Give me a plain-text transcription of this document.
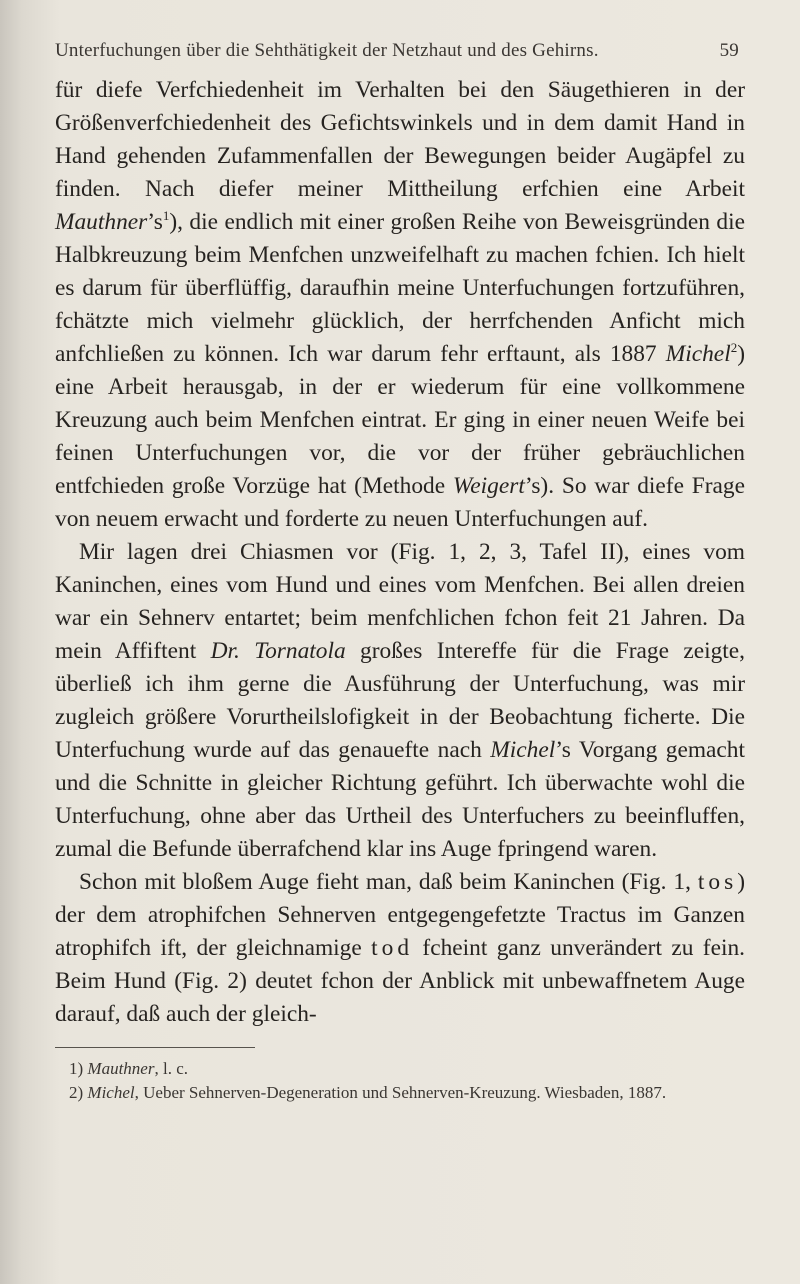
Unterfuchungen über die Sehthätigkeit der Netzhaut und des Gehirns.	59

für diefe Verfchiedenheit im Verhalten bei den Säugethieren in der Größenverfchiedenheit des Gefichtswinkels und in dem damit Hand in Hand gehenden Zufammenfallen der Bewegungen beider Augäpfel zu finden. Nach diefer meiner Mittheilung erfchien eine Arbeit $Mauthner’s^1$), die endlich mit einer großen Reihe von Beweisgründen die Halbkreuzung beim Menfchen unzweifelhaft zu machen fchien. Ich hielt es darum für überflüffig, daraufhin meine Unterfuchungen fortzuführen, fchätzte mich vielmehr glücklich, der herrfchenden Anficht mich anfchließen zu können. Ich war darum fehr erftaunt, als 1887 Michel$^2$) eine Arbeit herausgab, in der er wiederum für eine vollkommene Kreuzung auch beim Menfchen eintrat. Er ging in einer neuen Weife bei feinen Unterfuchungen vor, die vor der früher gebräuchlichen entfchieden große Vorzüge hat (Methode Weigert’s). So war diefe Frage von neuem erwacht und forderte zu neuen Unterfuchungen auf.

Mir lagen drei Chiasmen vor (Fig. 1, 2, 3, Tafel II), eines vom Kaninchen, eines vom Hund und eines vom Menfchen. Bei allen dreien war ein Sehnerv entartet; beim menfchlichen fchon feit 21 Jahren. Da mein Affiftent Dr. Tornatola großes Intereffe für die Frage zeigte, überließ ich ihm gerne die Ausführung der Unterfuchung, was mir zugleich größere Vorurtheilslofigkeit in der Beobachtung ficherte. Die Unterfuchung wurde auf das genauefte nach Michel’s Vorgang gemacht und die Schnitte in gleicher Richtung geführt. Ich überwachte wohl die Unterfuchung, ohne aber das Urtheil des Unterfuchers zu beeinfluffen, zumal die Befunde überrafchend klar ins Auge fpringend waren.

Schon mit bloßem Auge fieht man, daß beim Kaninchen (Fig. 1, tos) der dem atrophifchen Sehnerven entgegengefetzte Tractus im Ganzen atrophifch ift, der gleichnamige tod fcheint ganz unverändert zu fein. Beim Hund (Fig. 2) deutet fchon der Anblick mit unbewaffnetem Auge darauf, daß auch der gleich-

1) Mauthner, l. c.

2) Michel, Ueber Sehnerven-Degeneration und Sehnerven-Kreuzung. Wiesbaden, 1887.
